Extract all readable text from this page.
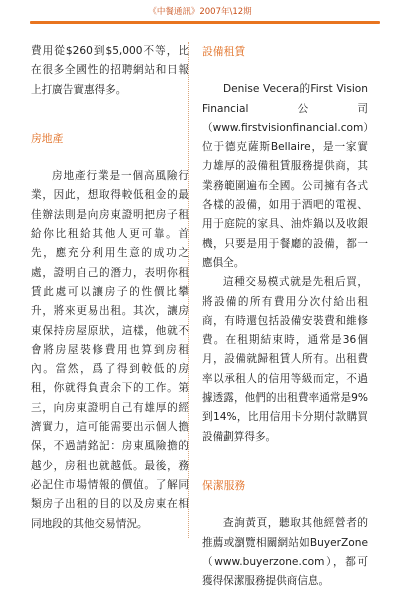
《中餐通訊》2007年\12期

費用從$260到$5,000不等，比在很多全國性的招聘網站和日報上打廣告實惠得多。

房地產

房地產行業是一個高風險行業，因此，想取得較低租金的最佳辦法則是向房東證明把房子租給你比租給其他人更可靠。首先，應充分利用生意的成功之處，證明自己的潛力，表明你租賃此處可以讓房子的性價比攀升，將來更易出租。其次，讓房東保持房屋原狀，這樣，他就不會將房屋裝修費用也算到房租內。當然，爲了得到較低的房租，你就得負責余下的工作。第三，向房東證明自己有雄厚的經濟實力，這可能需要出示個人擔保，不過請銘記：房東風險擔的越少，房租也就越低。最後，務必記住市場情報的價值。了解同類房子出租的目的以及房東在相同地段的其他交易情況。

設備租賃

Denise Vecera的First Vision Financial公司（www.firstvisionfinancial.com）位于德克薩斯Bellaire，是一家實力雄厚的設備租賃服務提供商，其業務範圍遍布全國。公司擁有各式各樣的設備，如用于酒吧的電視、用于庭院的家具、油炸鍋以及收銀機，只要是用于餐廳的設備，都一應俱全。

這種交易模式就是先租后買，將設備的所有費用分次付給出租商，有時還包括設備安裝費和維修費。在租期結束時，通常是36個月，設備就歸租賃人所有。出租費率以承租人的信用等級而定，不過據透露，他們的出租費率通常是9%到14%，比用信用卡分期付款購買設備劃算得多。

保潔服務

查詢黃頁，聽取其他經營者的推薦或瀏覽相關網站如BuyerZone（www.buyerzone.com），都可獲得保潔服務提供商信息。
